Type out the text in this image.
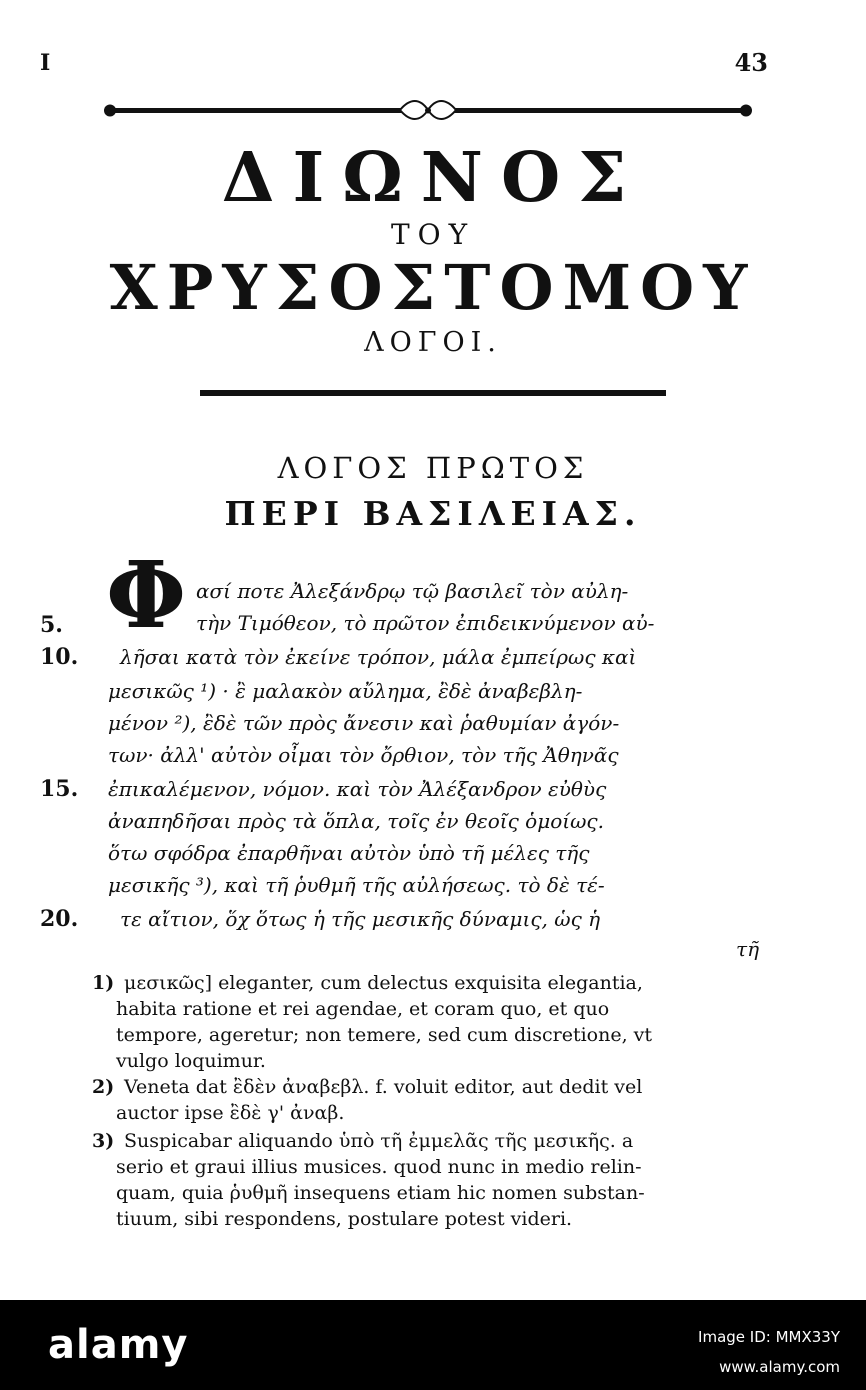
I	43
ΔΙΩΝΟΣ
ΤΟΥ
ΧΡΥΣΟΣΤΟΜΟΥ
ΛΟΓΟΙ.
ΛΟΓΟΣ ΠΡΩΤΟΣ
ΠΕΡΙ ΒΑΣΙΛΕΙΑΣ.
Φ ασί ποτε Ἀλεξάνδρῳ τῷ βασιλεῖ τὸν αὐλη-
τὴν Τιμόθεον, τὸ πρῶτον ἐπιδεικνύμενον αὐ-
λῆσαι κατὰ τὸν ἐκείνε τρόπον, μάλα ἐμπείρως καὶ
μεσικῶς ¹) · ἒ μαλακὸν αὔλημα, ἒδὲ ἀναβεβλη-
μένον ²), ἒδὲ τῶν πρὸς ἄνεσιν καὶ ῥαθυμίαν ἀγόν-
των· ἀλλ' αὐτὸν οἶμαι τὸν ὄρθιον, τὸν τῆς Ἀθηνᾶς
ἐπικαλέμενον, νόμον. καὶ τὸν Ἀλέξανδρον εὐθὺς
ἀναπηδῆσαι πρὸς τὰ ὅπλα, τοῖς ἐν θεοῖς ὁμοίως.
ὅτω σφόδρα ἐπαρθῆναι αὐτὸν ὑπὸ τῆ μέλες τῆς
μεσικῆς ³), καὶ τῆ ῥυθμῆ τῆς αὐλήσεως. τὸ δὲ τέ-
τε αἴτιον, ὅχ ὅτως ἡ τῆς μεσικῆς δύναμις, ὡς ἡ
τῆ
5.
10.
15.
20.
1) μεσικῶς] eleganter, cum delectus exquisita elegantia,
habita ratione et rei agendae, et coram quo, et quo
tempore, ageretur; non temere, sed cum discretione, vt
vulgo loquimur.
2) Veneta dat ἒδὲν ἀναβεβλ. f. voluit editor, aut dedit vel
auctor ipse ἒδὲ γ' ἀναβ.
3) Suspicabar aliquando ὑπὸ τῆ ἐμμελᾶς τῆς μεσικῆς. a
serio et graui illius musices. quod nunc in medio relin-
quam, quia ῥυθμῆ insequens etiam hic nomen substan-
tiuum, sibi respondens, postulare potest videri.
alamy	Image ID: MMX33Y
www.alamy.com
